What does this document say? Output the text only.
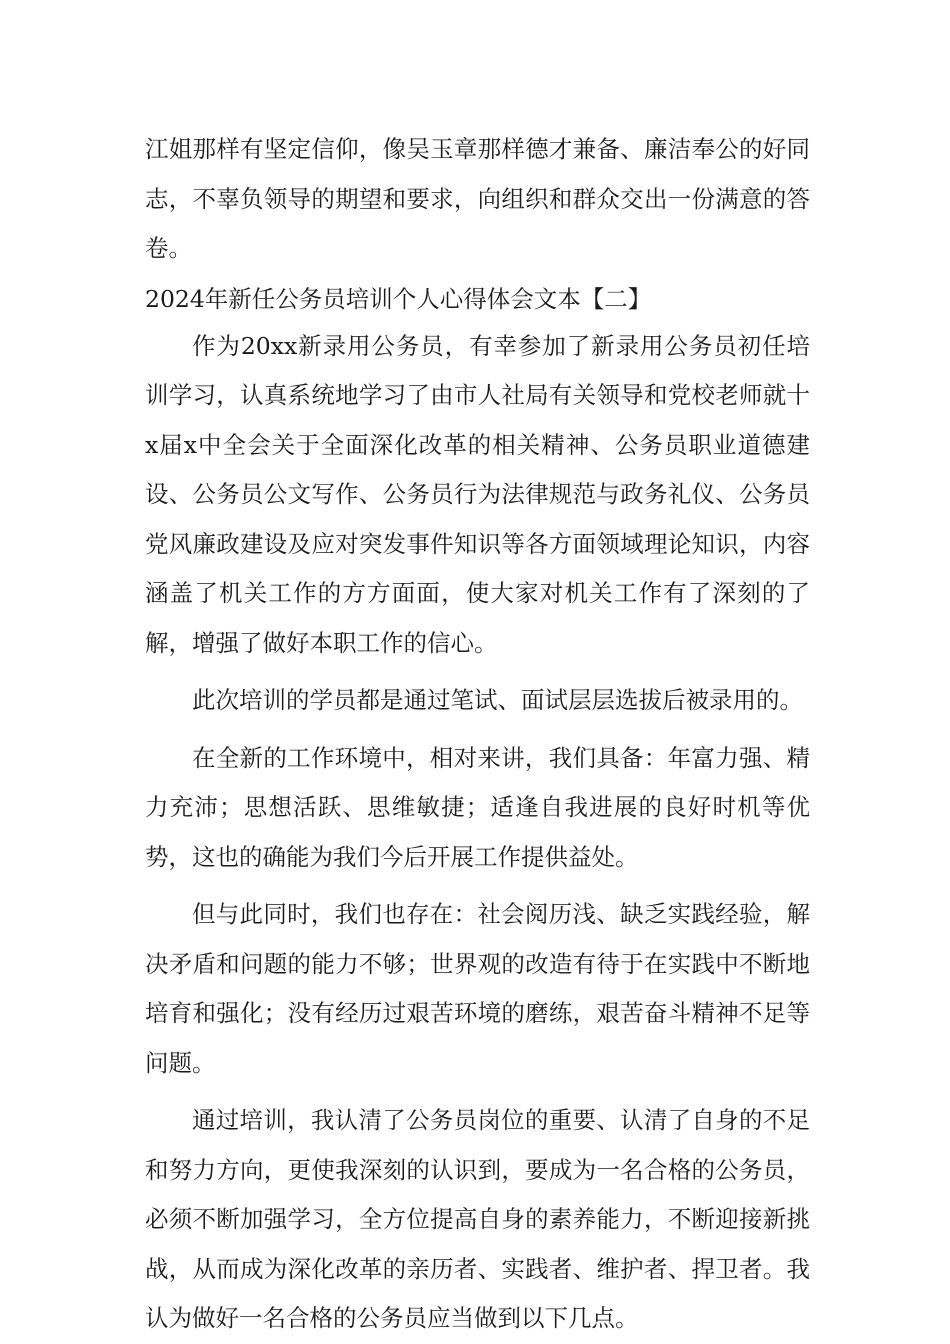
江姐那样有坚定信仰，像吴玉章那样德才兼备、廉洁奉公的好同志，不辜负领导的期望和要求，向组织和群众交出一份满意的答卷。

2024年新任公务员培训个人心得体会文本【二】

作为20xx新录用公务员，有幸参加了新录用公务员初任培训学习，认真系统地学习了由市人社局有关领导和党校老师就十x届x中全会关于全面深化改革的相关精神、公务员职业道德建设、公务员公文写作、公务员行为法律规范与政务礼仪、公务员党风廉政建设及应对突发事件知识等各方面领域理论知识，内容涵盖了机关工作的方方面面，使大家对机关工作有了深刻的了解，增强了做好本职工作的信心。

此次培训的学员都是通过笔试、面试层层选拔后被录用的。

在全新的工作环境中，相对来讲，我们具备：年富力强、精力充沛；思想活跃、思维敏捷；适逢自我进展的良好时机等优势，这也的确能为我们今后开展工作提供益处。

但与此同时，我们也存在：社会阅历浅、缺乏实践经验，解决矛盾和问题的能力不够；世界观的改造有待于在实践中不断地培育和强化；没有经历过艰苦环境的磨练，艰苦奋斗精神不足等问题。

通过培训，我认清了公务员岗位的重要、认清了自身的不足和努力方向，更使我深刻的认识到，要成为一名合格的公务员，必须不断加强学习，全方位提高自身的素养能力，不断迎接新挑战，从而成为深化改革的亲历者、实践者、维护者、捍卫者。我认为做好一名合格的公务员应当做到以下几点。
